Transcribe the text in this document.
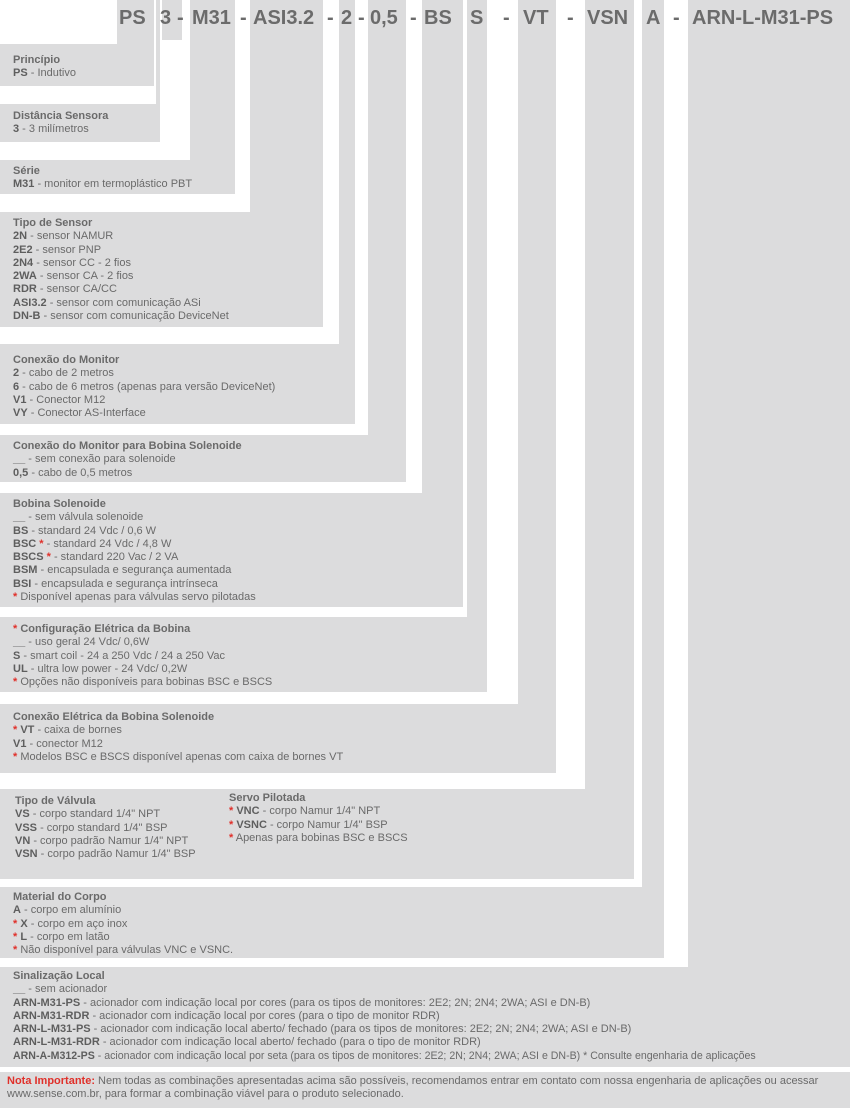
PS 3 - M31 - ASI3.2 - 2 - 0,5 - BS S - VT - VSN A - ARN-L-M31-PS
Princípio
PS - Indutivo
Distância Sensora
3 - 3 milímetros
Série
M31 - monitor em termoplástico PBT
Tipo de Sensor
2N - sensor NAMUR
2E2 - sensor PNP
2N4 - sensor CC - 2 fios
2WA - sensor CA - 2 fios
RDR - sensor CA/CC
ASI3.2 - sensor com comunicação ASi
DN-B - sensor com comunicação DeviceNet
Conexão do Monitor
2 - cabo de 2 metros
6 - cabo de 6 metros (apenas para versão DeviceNet)
V1 - Conector M12
VY - Conector AS-Interface
Conexão do Monitor para Bobina Solenoide
__ - sem conexão para solenoide
0,5 - cabo de 0,5 metros
Bobina Solenoide
__ - sem válvula solenoide
BS - standard 24 Vdc / 0,6 W
BSC * - standard 24 Vdc / 4,8 W
BSCS * - standard 220 Vac / 2 VA
BSM - encapsulada e segurança aumentada
BSI - encapsulada e segurança intrínseca
* Disponível apenas para válvulas servo pilotadas
* Configuração Elétrica da Bobina
__ - uso geral 24 Vdc/ 0,6W
S - smart coil - 24 a 250 Vdc / 24 a 250 Vac
UL - ultra low power - 24 Vdc/ 0,2W
* Opções não disponíveis para bobinas BSC e BSCS
Conexão Elétrica da Bobina Solenoide
* VT - caixa de bornes
V1 - conector M12
* Modelos BSC e BSCS disponível apenas com caixa de bornes VT
Tipo de Válvula
VS - corpo standard 1/4" NPT
VSS - corpo standard 1/4" BSP
VN - corpo padrão Namur 1/4" NPT
VSN - corpo padrão Namur 1/4" BSP
Servo Pilotada
* VNC - corpo Namur 1/4" NPT
* VSNC - corpo Namur 1/4" BSP
* Apenas para bobinas BSC e BSCS
Material do Corpo
A - corpo em alumínio
* X - corpo em aço inox
* L - corpo em latão
* Não disponível para válvulas VNC e VSNC.
Sinalização Local
__ - sem acionador
ARN-M31-PS - acionador com indicação local por cores (para os tipos de monitores: 2E2; 2N; 2N4; 2WA; ASI e DN-B)
ARN-M31-RDR - acionador com indicação local por cores (para o tipo de monitor RDR)
ARN-L-M31-PS - acionador com indicação local aberto/ fechado (para os tipos de monitores: 2E2; 2N; 2N4; 2WA; ASI e DN-B)
ARN-L-M31-RDR - acionador com indicação local aberto/ fechado (para o tipo de monitor RDR)
ARN-A-M312-PS - acionador com indicação local por seta (para os tipos de monitores: 2E2; 2N; 2N4; 2WA; ASI e DN-B) * Consulte engenharia de aplicações
Nota Importante: Nem todas as combinações apresentadas acima são possíveis, recomendamos entrar em contato com nossa engenharia de aplicações ou acessar www.sense.com.br, para formar a combinação viável para o produto selecionado.
